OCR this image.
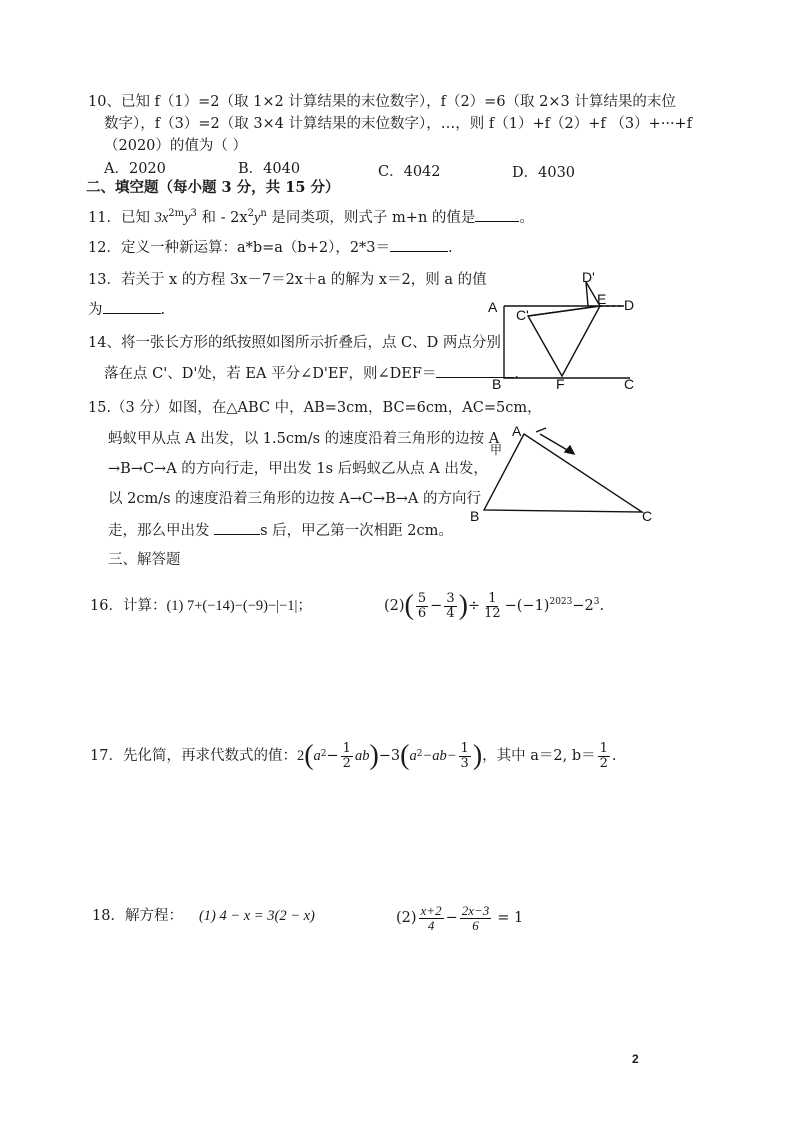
10、已知 f（1）=2（取 1×2 计算结果的末位数字），f（2）=6（取 2×3 计算结果的末位
数字），f（3）=2（取 3×4 计算结果的末位数字），…，则 f（1）+f（2）+f （3）+···+f
（2020）的值为（ ）
A．2020	B．4040	C．4042	D．4030
二、填空题（每小题 3 分，共 15 分）
11．已知 $3x^{2m}y^3$ 和 - $2x^2y^n$ 是同类项，则式子 m+n 的值是	。
12．定义一种新运算：a*b=a（b+2），2*3＝	.
13．若关于 x 的方程 3x－7＝2x＋a 的解为 x＝2，则 a 的值
为	.
14、将一张长方形的纸按照如图所示折叠后，点 C、D 两点分别
落在点 C'、D'处，若 EA 平分∠D'EF，则∠DEF＝	.
A
B	C
D
E
F
C'
D'
15.（3 分）如图，在△ABC 中，AB=3cm，BC=6cm，AC=5cm，
蚂蚁甲从点 A 出发，以 1.5cm/s 的速度沿着三角形的边按 A
→B→C→A 的方向行走，甲出发 1s 后蚂蚁乙从点 A 出发，
以 2cm/s 的速度沿着三角形的边按 A→C→B→A 的方向行
走，那么甲出发	s 后，甲乙第一次相距 2cm。
A
B	C
甲
乙
三、解答题
16．计算：(1) 7+(−14)−(−9)−|−1|；	(2) ( $\frac{5}{6} - \frac{3}{4}$ ) ÷ $\frac{1}{12} -(-1)^{2023} -2^3$ .
17．先化简，再求代数式的值： 2 ( a $2 - \frac{1}{2}$ ab ) −3 ( a $2 -ab- \frac{1}{3}$ ) ，其中 a＝2, $b= \frac{1}{2}$ .
18．解方程： (1) 4 − x = 3(2 − x)	$(2) \frac{x+2}{4} - \frac{2x-3}{6} = 1$
2
